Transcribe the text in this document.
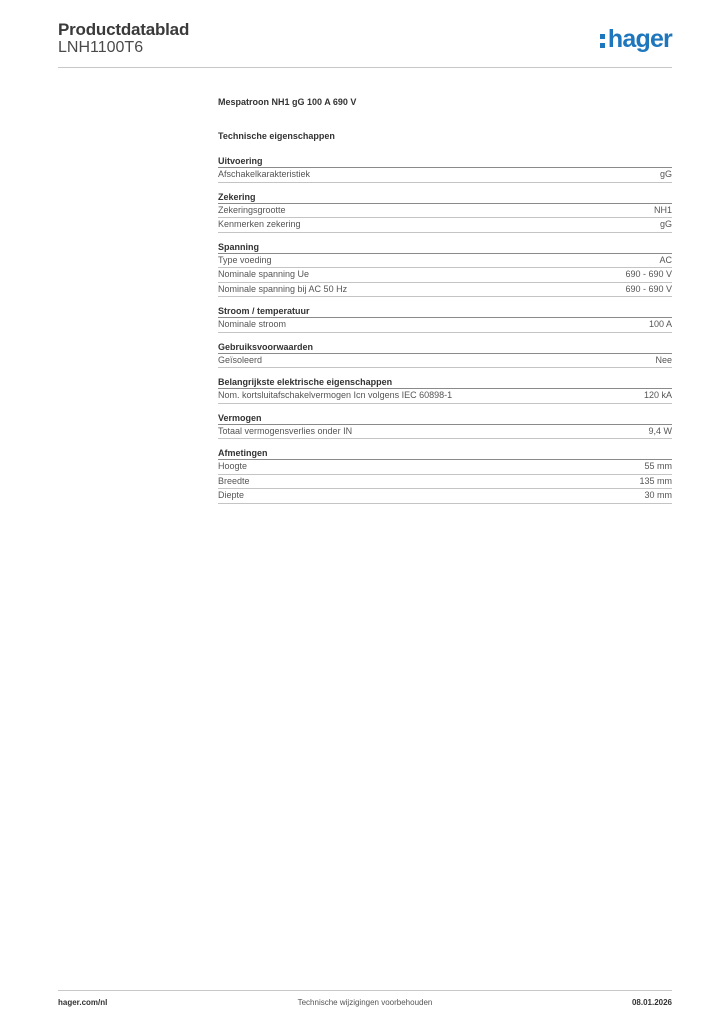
Productdatablad
LNH1100T6	hager
Mespatroon NH1 gG 100 A 690 V
Technische eigenschappen
Uitvoering
Afschakelkarakteristiek	gG
Zekering
Zekeringsgrootte	NH1
Kenmerken zekering	gG
Spanning
Type voeding	AC
Nominale spanning Ue	690 - 690 V
Nominale spanning bij AC 50 Hz	690 - 690 V
Stroom / temperatuur
Nominale stroom	100 A
Gebruiksvoorwaarden
Geïsoleerd	Nee
Belangrijkste elektrische eigenschappen
Nom. kortsluitafschakelvermogen Icn volgens IEC 60898-1	120 kA
Vermogen
Totaal vermogensverlies onder IN	9,4 W
Afmetingen
Hoogte	55 mm
Breedte	135 mm
Diepte	30 mm
hager.com/nl	Technische wijzigingen voorbehouden	08.01.2026
